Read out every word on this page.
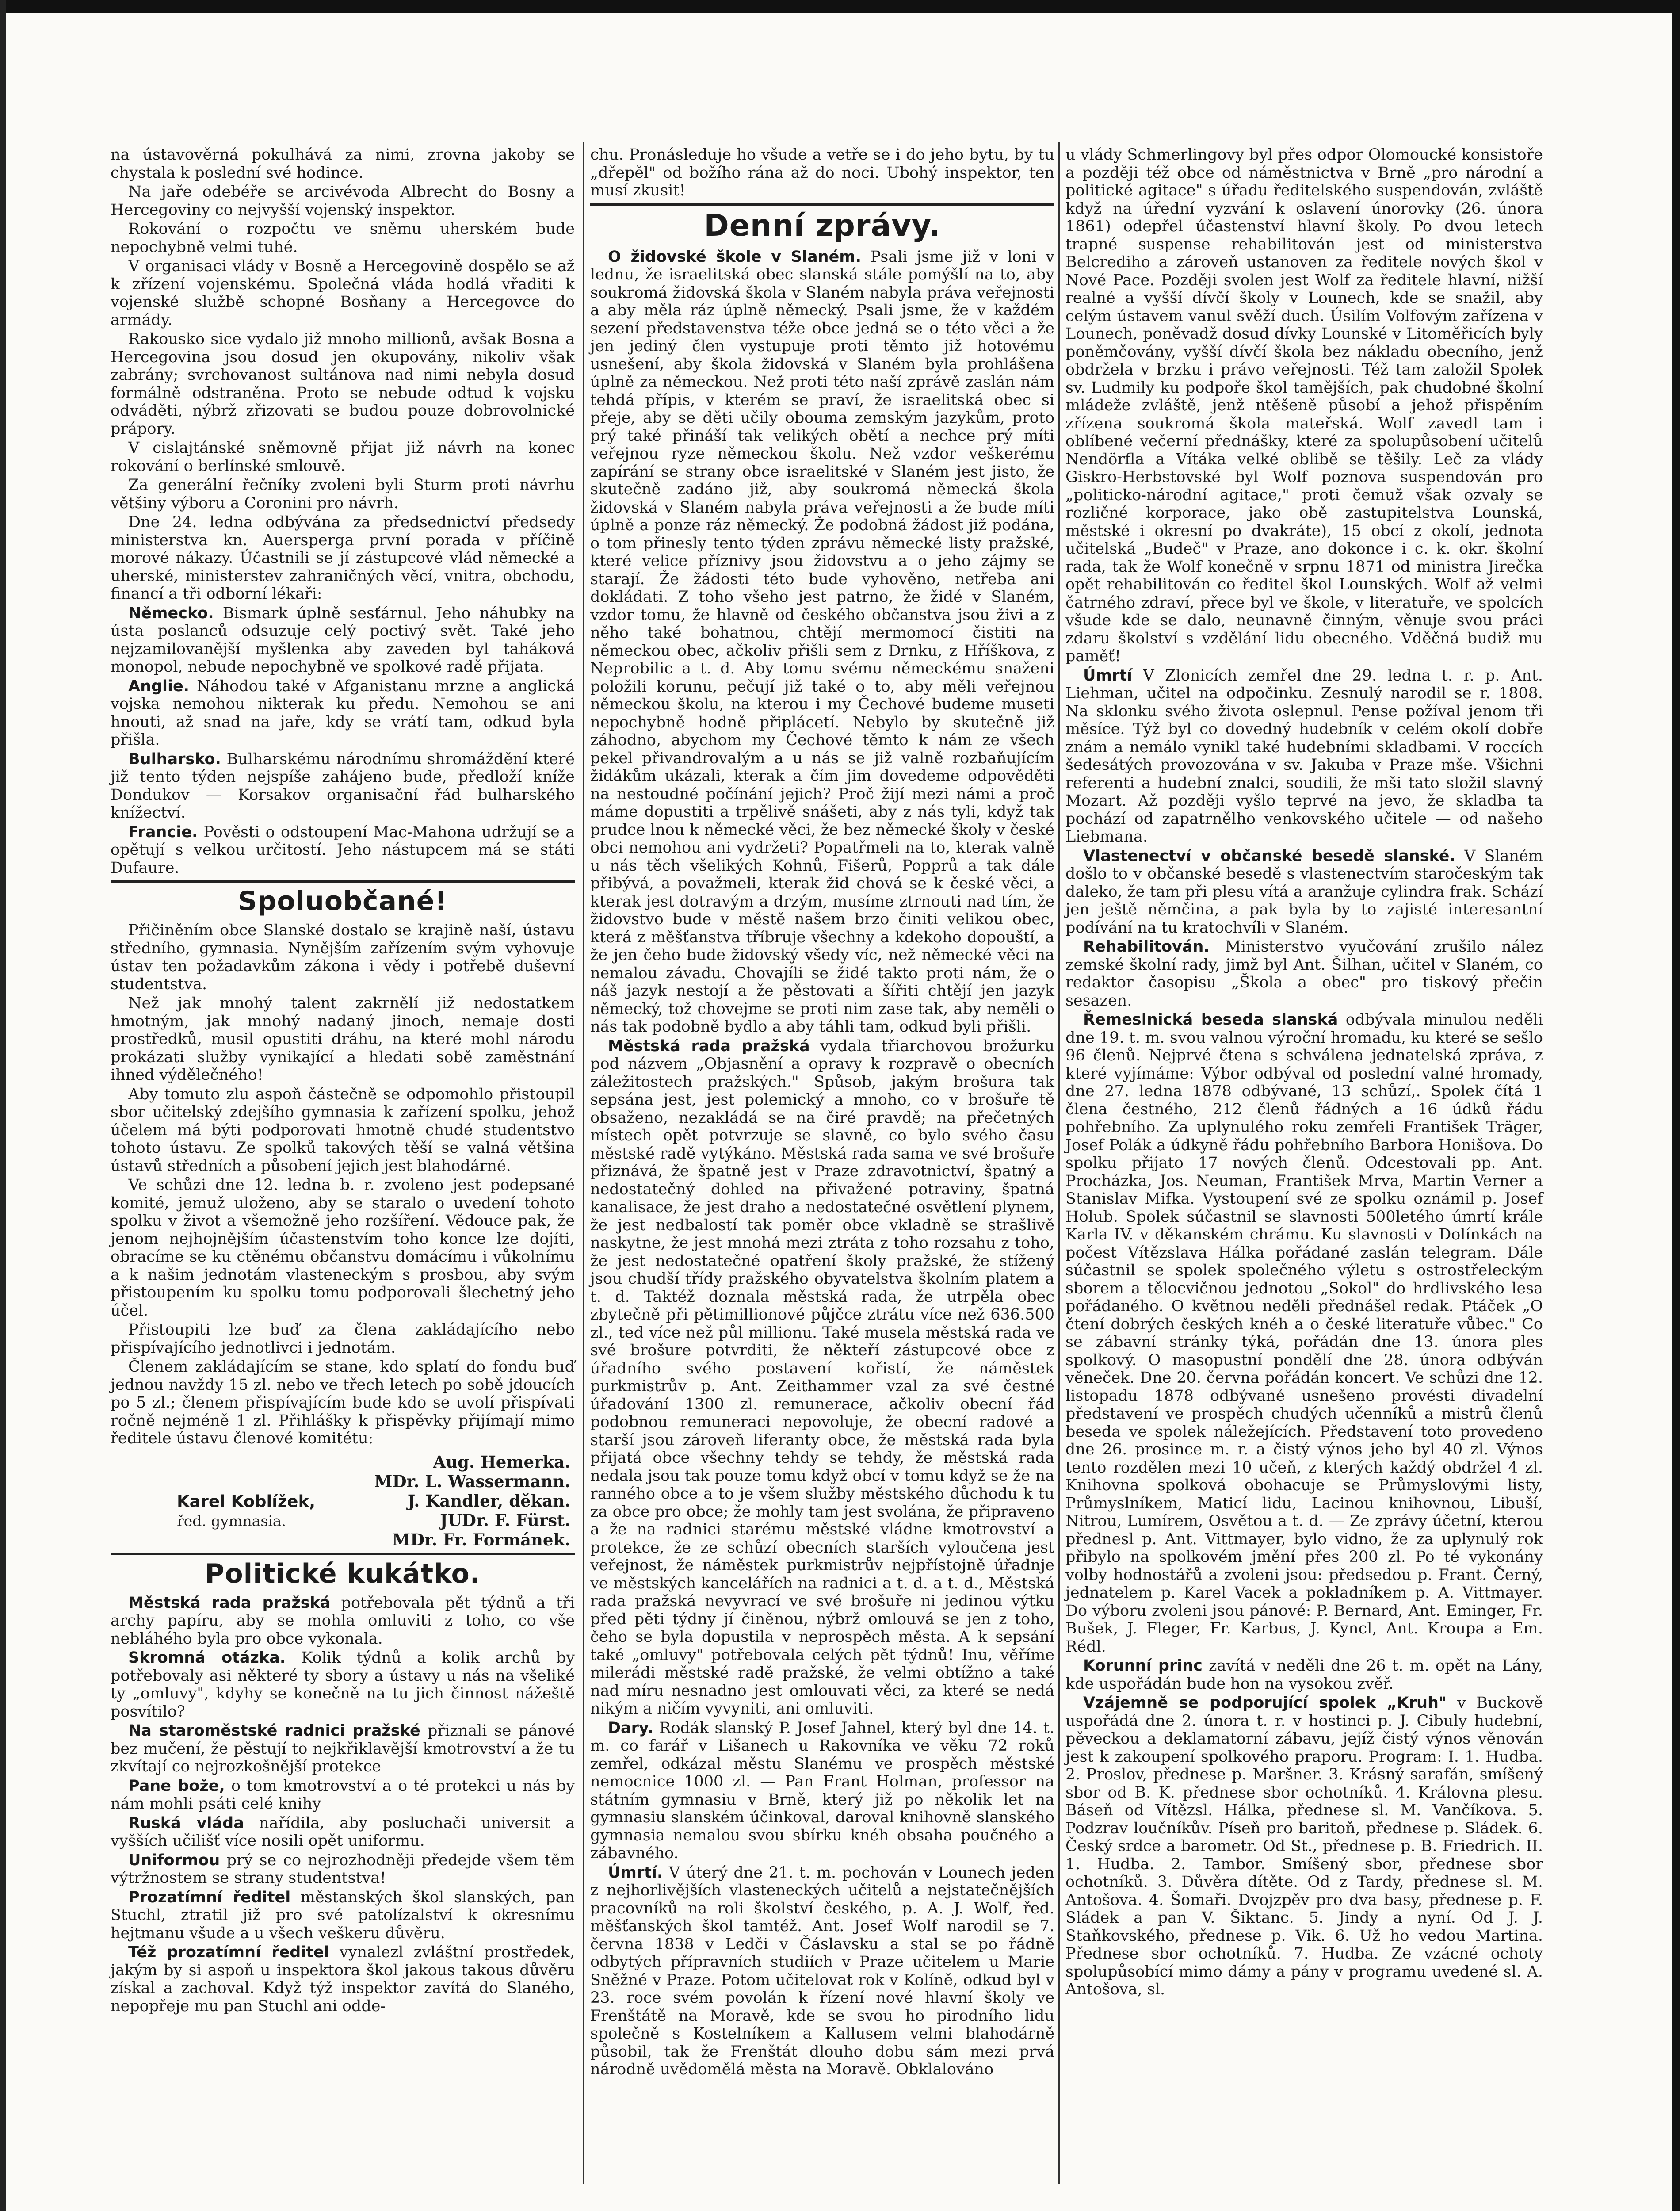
na ústavověrná pokulhává za nimi, zrovna jakoby se chystala k poslední své hodince.

Na jaře odebéře se arcivévoda Albrecht do Bosny a Hercegoviny co nejvyšší vojenský inspektor.

Rokování o rozpočtu ve sněmu uherském bude nepochybně velmi tuhé.

V organisaci vlády v Bosně a Hercegovině dospělo se až k zřízení vojenskému. Společná vláda hodlá vřaditi k vojenské službě schopné Bosňany a Hercegovce do armády.

Rakousko sice vydalo již mnoho millionů, avšak Bosna a Hercegovina jsou dosud jen okupovány, nikoliv však zabrány; svrchovanost sultánova nad nimi nebyla dosud formálně odstraněna. Proto se nebude odtud k vojsku odváděti, nýbrž zřizovati se budou pouze dobrovolnické prápory.

V cislajtánské sněmovně přijat již návrh na konec rokování o berlínské smlouvě.

Za generální řečníky zvoleni byli Sturm proti návrhu většiny výboru a Coronini pro návrh.

Dne 24. ledna odbývána za předsednictví předsedy ministerstva kn. Auersperga první porada v příčině morové nákazy. Účastnili se jí zástupcové vlád německé a uherské, ministerstev zahraničných věcí, vnitra, obchodu, financí a tři odborní lékaři:

Německo. Bismark úplně sesťárnul. Jeho náhubky na ústa poslanců odsuzuje celý poctivý svět. Také jeho nejzamilovanější myšlenka aby zaveden byl taháková monopol, nebude nepochybně ve spolkové radě přijata.

Anglie. Náhodou také v Afganistanu mrzne a anglická vojska nemohou nikterak ku předu. Nemohou se ani hnouti, až snad na jaře, kdy se vrátí tam, odkud byla přišla.

Bulharsko. Bulharskému národnímu shromáždění které již tento týden nejspíše zahájeno bude, předloží kníže Dondukov — Korsakov organisační řád bulharského knížectví.

Francie. Pověsti o odstoupení Mac-Mahona udržují se a opětují s velkou určitostí. Jeho nástupcem má se státi Dufaure.

Spoluobčané!

Přičiněním obce Slanské dostalo se krajině naší, ústavu středního, gymnasia. Nynějším zařízením svým vyhovuje ústav ten požadavkům zákona i vědy i potřebě duševní studentstva.

Než jak mnohý talent zakrnělí již nedostatkem hmotným, jak mnohý nadaný jinoch, nemaje dosti prostředků, musil opustiti dráhu, na které mohl národu prokázati služby vynikající a hledati sobě zaměstnání ihned výdělečného!

Aby tomuto zlu aspoň částečně se odpomohlo přistoupil sbor učitelský zdejšího gymnasia k zařízení spolku, jehož účelem má býti podporovati hmotně chudé studentstvo tohoto ústavu. Ze spolků takových těší se valná většina ústavů středních a působení jejich jest blahodárné.

Ve schůzi dne 12. ledna b. r. zvoleno jest podepsané komité, jemuž uloženo, aby se staralo o uvedení tohoto spolku v život a všemožně jeho rozšíření. Vědouce pak, že jenom nejhojnějším účastenstvím toho konce lze dojíti, obracíme se ku ctěnému občanstvu domácímu i vůkolnímu a k našim jednotám vlasteneckým s prosbou, aby svým přistoupením ku spolku tomu podporovali šlechetný jeho účel.

Přistoupiti lze buď za člena zakládajícího nebo přispívajícího jednotlivci i jednotám.

Členem zakládajícím se stane, kdo splatí do fondu buď jednou navždy 15 zl. nebo ve třech letech po sobě jdoucích po 5 zl.; členem přispívajícím bude kdo se uvolí přispívati ročně nejméně 1 zl. Přihlášky k přispěvky přijímají mimo ředitele ústavu členové komitétu:

Karel Koblížek,
řed. gymnasia.
Aug. Hemerka.
MDr. L. Wassermann.
J. Kandler, děkan.
JUDr. F. Fürst.
MDr. Fr. Formánek.
Politické kukátko.

Městská rada pražská potřebovala pět týdnů a tři archy papíru, aby se mohla omluviti z toho, co vše nebláhého byla pro obce vykonala.

Skromná otázka. Kolik týdnů a kolik archů by potřebovaly asi některé ty sbory a ústavy u nás na všeliké ty „omluvy", kdyhy se konečně na tu jich činnost nážeště posvítilo?

Na staroměstské radnici pražské přiznali se pánové bez mučení, že pěstují to nejkřiklavější kmotrovství a že tu zkvítají co nejrozkošnější protekce

Pane bože, o tom kmotrovství a o té protekci u nás by nám mohli psáti celé knihy

Ruská vláda nařídila, aby posluchači universit a vyšších učilišť více nosili opět uniformu.

Uniformou prý se co nejrozhodněji předejde všem těm výtržnostem se strany studentstva!

Prozatímní ředitel městanských škol slanských, pan Stuchl, ztratil již pro své patolízalství k okresnímu hejtmanu všude a u všech veškeru důvěru.

Též prozatímní ředitel vynalezl zvláštní prostředek, jakým by si aspoň u inspektora škol jakous takous důvěru získal a zachoval. Když týž inspektor zavítá do Slaného, nepopřeje mu pan Stuchl ani odde-

chu. Pronásleduje ho všude a vetře se i do jeho bytu, by tu „dřepěl" od božího rána až do noci. Ubohý inspektor, ten musí zkusit!

Denní zprávy.

O židovské škole v Slaném. Psali jsme již v loni v lednu, že israelitská obec slanská stále pomýšlí na to, aby soukromá židovská škola v Slaném nabyla práva veřejnosti a aby měla ráz úplně německý. Psali jsme, že v každém sezení představenstva téže obce jedná se o této věci a že jen jediný člen vystupuje proti těmto již hotovému usnešení, aby škola židovská v Slaném byla prohlášena úplně za německou. Než proti této naší zprávě zaslán nám tehdá přípis, v kterém se praví, že israelitská obec si přeje, aby se děti učily obouma zemským jazykům, proto prý také přináší tak velikých obětí a nechce prý míti veřejnou ryze německou školu. Než vzdor veškerému zapírání se strany obce israelitské v Slaném jest jisto, že skutečně zadáno již, aby soukromá německá škola židovská v Slaném nabyla práva veřejnosti a že bude míti úplně a ponze ráz německý. Že podobná žádost již podána, o tom přinesly tento týden zprávu německé listy pražské, které velice příznivy jsou židovstvu a o jeho zájmy se starají. Že žádosti této bude vyhověno, netřeba ani dokládati. Z toho všeho jest patrno, že židé v Slaném, vzdor tomu, že hlavně od českého občanstva jsou živi a z něho také bohatnou, chtějí mermomocí čistiti na německou obec, ačkoliv přišli sem z Drnku, z Hříškova, z Neprobilic a t. d. Aby tomu svému německému snaženi položili korunu, pečují již také o to, aby měli veřejnou německou školu, na kterou i my Čechové budeme museti nepochybně hodně připlácetí. Nebylo by skutečně již záhodno, abychom my Čechové těmto k nám ze všech pekel přivandrovalým a u nás se již valně rozbaňujícím židákům ukázali, kterak a čím jim dovedeme odpověděti na nestoudné počínání jejich? Proč žijí mezi námi a proč máme dopustiti a trpělivě snášeti, aby z nás tyli, když tak prudce lnou k německé věci, že bez německé školy v české obci nemohou ani vydržeti? Popatřmeli na to, kterak valně u nás těch všelikých Kohnů, Fišerů, Popprů a tak dále přibývá, a považmeli, kterak žid chová se k české věci, a kterak jest dotravým a drzým, musíme ztrnouti nad tím, že židovstvo bude v městě našem brzo činiti velikou obec, která z měšťanstva tříbruje všechny a kdekoho dopouští, a že jen čeho bude židovský všedy víc, než německé věci na nemalou závadu. Chovajíli se židé takto proti nám, že o náš jazyk nestojí a že pěstovati a šířiti chtějí jen jazyk německý, tož chovejme se proti nim zase tak, aby neměli o nás tak podobně bydlo a aby táhli tam, odkud byli přišli.

Městská rada pražská vydala třiarchovou brožurku pod názvem „Objasnění a opravy k rozpravě o obecních záležitostech pražských." Spůsob, jakým brošura tak sepsána jest, jest polemický a mnoho, co v brošuře tě obsaženo, nezakládá se na čiré pravdě; na přečetných místech opět potvrzuje se slavně, co bylo svého času městské radě vytýkáno. Městská rada sama ve své brošuře přiznává, že špatně jest v Praze zdravotnictví, špatný a nedostatečný dohled na přivažené potraviny, špatná kanalisace, že jest draho a nedostatečné osvětlení plynem, že jest nedbalostí tak poměr obce vkladně se strašlivě naskytne, že jest mnohá mezi ztráta z toho rozsahu z toho, že jest nedostatečné opatření školy pražské, že stížený jsou chudší třídy pražského obyvatelstva školním platem a t. d. Taktéž doznala městská rada, že utrpěla obec zbytečně při pětimillionové půjčce ztrátu více než 636.500 zl., ted více než půl millionu. Také musela městská rada ve své brošure potvrditi, že někteří zástupcové obce z úřadního svého postavení kořistí, že náměstek purkmistrův p. Ant. Zeithammer vzal za své čestné úřadování 1300 zl. remunerace, ačkoliv obecní řád podobnou remuneraci nepovoluje, že obecní radové a starší jsou zároveň liferanty obce, že městská rada byla přijatá obce všechny tehdy se tehdy, že městská rada nedala jsou tak pouze tomu když obcí v tomu když se že na ranného obce a to je všem služby městského důchodu k tu za obce pro obce; že mohly tam jest svolána, že připraveno a že na radnici starému městské vládne kmotrovství a protekce, že ze schůzí obecních starších vyloučena jest veřejnost, že náměstek purkmistrův nejpřístojně úřadnje ve městských kancelářích na radnici a t. d. a t. d., Městská rada pražská nevyvrací ve své brošuře ni jedinou výtku před pěti týdny jí činěnou, nýbrž omlouvá se jen z toho, čeho se byla dopustila v neprospěch města. A k sepsání také „omluvy" potřebovala celých pět týdnů! Inu, věříme milerádi městské radě pražské, že velmi obtížno a také nad míru nesnadno jest omlouvati věci, za které se nedá nikým a ničím vyvyniti, ani omluviti.

Dary. Rodák slanský P. Josef Jahnel, který byl dne 14. t. m. co farář v Lišanech u Rakovníka ve věku 72 roků zemřel, odkázal městu Slanému ve prospěch městské nemocnice 1000 zl. — Pan Frant Holman, professor na státním gymnasiu v Brně, který již po několik let na gymnasiu slanském účinkoval, daroval knihovně slanského gymnasia nemalou svou sbírku knéh obsaha poučného a zábavného.

Úmrtí. V úterý dne 21. t. m. pochován v Lounech jeden z nejhorlivějších vlasteneckých učitelů a nejstatečnějších pracovníků na roli školství českého, p. A. J. Wolf, řed. měšťanských škol tamtéž. Ant. Josef Wolf narodil se 7. června 1838 v Ledči v Čáslavsku a stal se po řádně odbytých přípravních studiích v Praze učitelem u Marie Sněžné v Praze. Potom učitelovat rok v Kolíně, odkud byl v 23. roce svém povolán k řízení nové hlavní školy ve Frenštátě na Moravě, kde se svou ho pirodního lidu společně s Kostelníkem a Kallusem velmi blahodárně působil, tak že Frenštát dlouho dobu sám mezi prvá národně uvědomělá města na Moravě. Obklalováno

u vlády Schmerlingovy byl přes odpor Olomoucké konsistoře a později též obce od náměstnictva v Brně „pro národní a politické agitace" s úřadu ředitelského suspendován, zvláště když na úřední vyzvání k oslavení únorovky (26. února 1861) odepřel účastenství hlavní školy. Po dvou letech trapné suspense rehabilitován jest od ministerstva Belcrediho a zároveň ustanoven za ředitele nových škol v Nové Pace. Později svolen jest Wolf za ředitele hlavní, nižší realné a vyšší dívčí školy v Lounech, kde se snažil, aby celým ústavem vanul svěží duch. Úsilím Volfovým zařízena v Lounech, poněvadž dosud dívky Lounské v Litoměřicích byly poněmčovány, vyšší dívčí škola bez nákladu obecního, jenž obdržela v brzku i právo veřejnosti. Též tam založil Spolek sv. Ludmily ku podpoře škol tamějších, pak chudobné školní mládeže zvláště, jenž ntěšeně působí a jehož přispěním zřízena soukromá škola mateřská. Wolf zavedl tam i oblíbené večerní přednášky, které za spolupůsobení učitelů Nendörfla a Vítáka velké oblibě se těšily. Leč za vlády Giskro-Herbstovské byl Wolf poznova suspendován pro „politicko-národní agitace," proti čemuž však ozvaly se rozličné korporace, jako obě zastupitelstva Lounská, městské i okresní po dvakráte), 15 obcí z okolí, jednota učitelská „Budeč" v Praze, ano dokonce i c. k. okr. školní rada, tak že Wolf konečně v srpnu 1871 od ministra Jirečka opět rehabilitován co ředitel škol Lounských. Wolf až velmi čatrného zdraví, přece byl ve škole, v literatuře, ve spolcích všude kde se dalo, neunavně činným, věnuje svou práci zdaru školství s vzdělání lidu obecného. Vděčná budiž mu paměť!

Úmrtí V Zlonicích zemřel dne 29. ledna t. r. p. Ant. Liehman, učitel na odpočinku. Zesnulý narodil se r. 1808. Na sklonku svého života oslepnul. Pense požíval jenom tři měsíce. Týž byl co dovedný hudebník v celém okolí dobře znám a nemálo vynikl také hudebními skladbami. V roccích šedesátých provozována v sv. Jakuba v Praze mše. Všichni referenti a hudební znalci, soudili, že mši tato složil slavný Mozart. Až později vyšlo teprvé na jevo, že skladba ta pochází od zapatrnělho venkovského učitele — od našeho Liebmana.

Vlastenectví v občanské besedě slanské. V Slaném došlo to v občanské besedě s vlastenectvím staročeským tak daleko, že tam při plesu vítá a aranžuje cylindra frak. Schází jen ještě němčina, a pak byla by to zajisté interesantní podívání na tu kratochvíli v Slaném.

Rehabilitován. Ministerstvo vyučování zrušilo nález zemské školní rady, jimž byl Ant. Šilhan, učitel v Slaném, co redaktor časopisu „Škola a obec" pro tiskový přečin sesazen.

Řemeslnická beseda slanská odbývala minulou neděli dne 19. t. m. svou valnou výroční hromadu, ku které se sešlo 96 členů. Nejprvé čtena s schválena jednatelská zpráva, z které vyjímáme: Výbor odbýval od poslední valné hromady, dne 27. ledna 1878 odbývané, 13 schůzí,. Spolek čítá 1 člena čestného, 212 členů řádných a 16 údků řádu pohřebního. Za uplynulého roku zemřeli František Träger, Josef Polák a údkyně řádu pohřebního Barbora Honišova. Do spolku přijato 17 nových členů. Odcestovali pp. Ant. Procházka, Jos. Neuman, František Mrva, Martin Verner a Stanislav Mifka. Vystoupení své ze spolku oznámil p. Josef Holub. Spolek súčastnil se slavnosti 500letého úmrtí krále Karla IV. v děkanském chrámu. Ku slavnosti v Dolínkách na počest Vítězslava Hálka pořádané zaslán telegram. Dále súčastnil se spolek společného výletu s ostrostřeleckým sborem a tělocvičnou jednotou „Sokol" do hrdlivského lesa pořádaného. O květnou neděli přednášel redak. Ptáček „O čtení dobrých českých knéh a o české literatuře vůbec." Co se zábavní stránky týká, pořádán dne 13. února ples spolkový. O masopustní pondělí dne 28. února odbýván věneček. Dne 20. června pořádán koncert. Ve schůzi dne 12. listopadu 1878 odbývané usnešeno provésti divadelní představení ve prospěch chudých učenníků a mistrů členů beseda ve spolek náležejících. Představení toto provedeno dne 26. prosince m. r. a čistý výnos jeho byl 40 zl. Výnos tento rozdělen mezi 10 učeň, z kterých každý obdržel 4 zl. Knihovna spolková obohacuje se Průmyslovými listy, Průmyslníkem, Maticí lidu, Lacinou knihovnou, Libuší, Nitrou, Lumírem, Osvětou a t. d. — Ze zprávy účetní, kterou přednesl p. Ant. Vittmayer, bylo vidno, že za uplynulý rok přibylo na spolkovém jmění přes 200 zl. Po té vykonány volby hodnostářů a zvoleni jsou: předsedou p. Frant. Černý, jednatelem p. Karel Vacek a pokladníkem p. A. Vittmayer. Do výboru zvoleni jsou pánové: P. Bernard, Ant. Eminger, Fr. Bušek, J. Fleger, Fr. Karbus, J. Kyncl, Ant. Kroupa a Em. Rédl.

Korunní princ zavítá v neděli dne 26 t. m. opět na Lány, kde uspořádán bude hon na vysokou zvěř.

Vzájemně se podporující spolek „Kruh" v Buckově uspořádá dne 2. února t. r. v hostinci p. J. Cibuly hudební, pěveckou a deklamatorní zábavu, jejíž čistý výnos věnován jest k zakoupení spolkového praporu. Program: I. 1. Hudba. 2. Proslov, přednese p. Maršner. 3. Krásný sarafán, smíšený sbor od B. K. přednese sbor ochotníků. 4. Královna plesu. Báseň od Vítězsl. Hálka, přednese sl. M. Vančíkova. 5. Podzrav loučníkův. Píseň pro baritoň, přednese p. Sládek. 6. Český srdce a barometr. Od St., přednese p. B. Friedrich. II. 1. Hudba. 2. Tambor. Smíšený sbor, přednese sbor ochotníků. 3. Důvěra dítěte. Od z Tardy, přednese sl. M. Antošova. 4. Šomaři. Dvojzpěv pro dva basy, přednese p. F. Sládek a pan V. Šiktanc. 5. Jindy a nyní. Od J. J. Staňkovského, přednese p. Vik. 6. Už ho vedou Martina. Přednese sbor ochotníků. 7. Hudba. Ze vzácné ochoty spolupůsobící mimo dámy a pány v programu uvedené sl. A. Antošova, sl.
